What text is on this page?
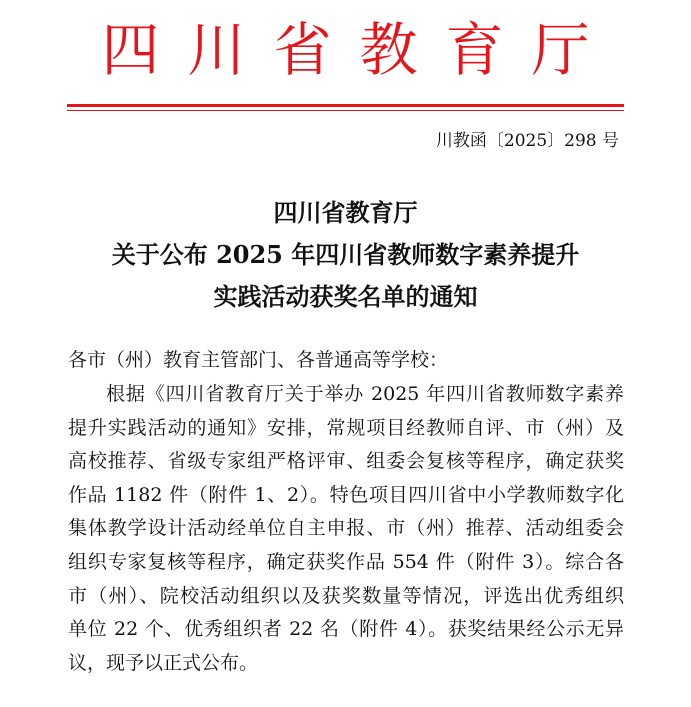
四川省教育厅
川教函〔2025〕298 号
四川省教育厅
关于公布 2025 年四川省教师数字素养提升
实践活动获奖名单的通知
各市（州）教育主管部门、各普通高等学校：
根据《四川省教育厅关于举办 2025 年四川省教师数字素养
提升实践活动的通知》安排，常规项目经教师自评、市（州）及
高校推荐、省级专家组严格评审、组委会复核等程序，确定获奖
作品 1182 件（附件 1、2）。特色项目四川省中小学教师数字化
集体教学设计活动经单位自主申报、市（州）推荐、活动组委会
组织专家复核等程序，确定获奖作品 554 件（附件 3）。综合各
市（州）、院校活动组织以及获奖数量等情况，评选出优秀组织
单位 22 个、优秀组织者 22 名（附件 4）。获奖结果经公示无异
议，现予以正式公布。
